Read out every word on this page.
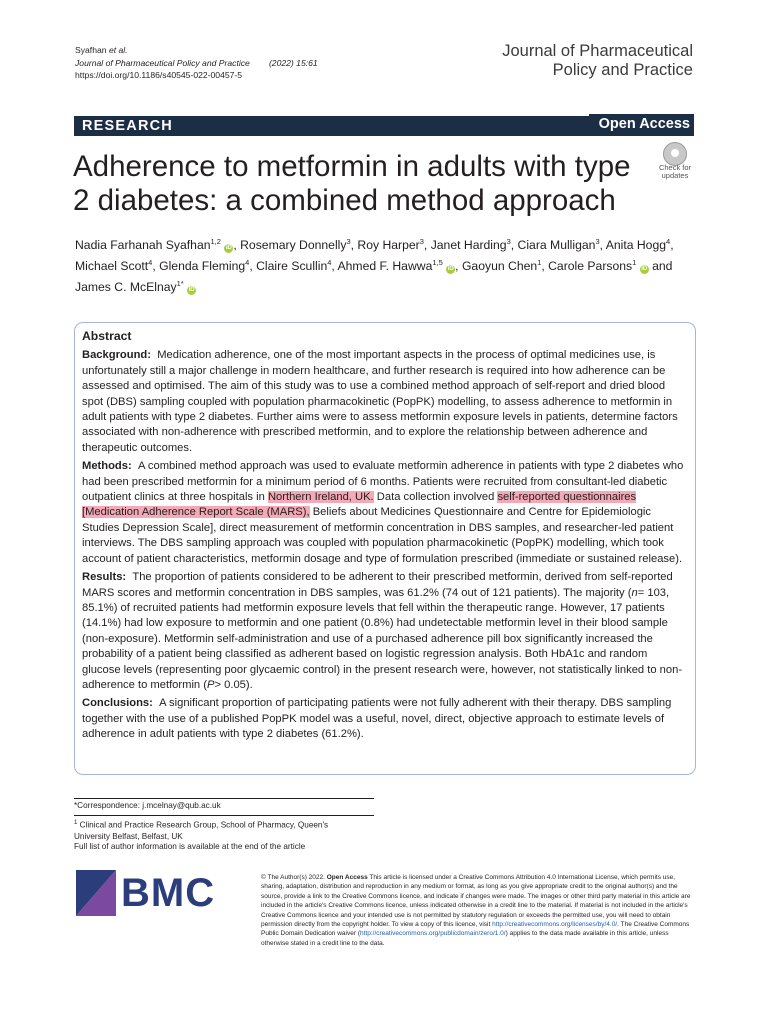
Syafhan et al.
Journal of Pharmaceutical Policy and Practice (2022) 15:61
https://doi.org/10.1186/s40545-022-00457-5
Journal of Pharmaceutical
Policy and Practice
RESEARCH	Open Access
Adherence to metformin in adults with type 2 diabetes: a combined method approach
Check for
updates
Nadia Farhanah Syafhan$^{1,2}$ iD , Rosemary Donnelly$^3$, Roy Harper$^3$, Janet Harding$^3$, Ciara Mulligan$^3$, Anita Hogg$^4$, Michael Scott$^4$, Glenda Fleming$^4$, Claire Scullin$^4$, Ahmed F. Hawwa$^{1,5}$ iD , Gaoyun Chen$^1$, Carole Parsons$^1$ iD and James C. McElnay$^{1*}$ iD
Abstract

Background: Medication adherence, one of the most important aspects in the process of optimal medicines use, is unfortunately still a major challenge in modern healthcare, and further research is required into how adherence can be assessed and optimised. The aim of this study was to use a combined method approach of self-report and dried blood spot (DBS) sampling coupled with population pharmacokinetic (PopPK) modelling, to assess adherence to metformin in adult patients with type 2 diabetes. Further aims were to assess metformin exposure levels in patients, determine factors associated with non-adherence with prescribed metformin, and to explore the relationship between adherence and therapeutic outcomes.

Methods: A combined method approach was used to evaluate metformin adherence in patients with type 2 diabetes who had been prescribed metformin for a minimum period of 6 months. Patients were recruited from consultant-led diabetic outpatient clinics at three hospitals in Northern Ireland, UK. Data collection involved self-reported questionnaires [Medication Adherence Report Scale (MARS), Beliefs about Medicines Questionnaire and Centre for Epidemiologic Studies Depression Scale], direct measurement of metformin concentration in DBS samples, and researcher-led patient interviews. The DBS sampling approach was coupled with population pharmacokinetic (PopPK) modelling, which took account of patient characteristics, metformin dosage and type of formulation prescribed (immediate or sustained release).

Results: The proportion of patients considered to be adherent to their prescribed metformin, derived from self-reported MARS scores and metformin concentration in DBS samples, was 61.2% (74 out of 121 patients). The majority (n= 103, 85.1%) of recruited patients had metformin exposure levels that fell within the therapeutic range. However, 17 patients (14.1%) had low exposure to metformin and one patient (0.8%) had undetectable metformin level in their blood sample (non-exposure). Metformin self-administration and use of a purchased adherence pill box significantly increased the probability of a patient being classified as adherent based on logistic regression analysis. Both HbA1c and random glucose levels (representing poor glycaemic control) in the present research were, however, not statistically linked to non-adherence to metformin (P> 0.05).

Conclusions: A significant proportion of participating patients were not fully adherent with their therapy. DBS sampling together with the use of a published PopPK model was a useful, novel, direct, objective approach to estimate levels of adherence in adult patients with type 2 diabetes (61.2%).

*Correspondence: j.mcelnay@qub.ac.uk
$^1$ Clinical and Practice Research Group, School of Pharmacy, Queen's University Belfast, Belfast, UK
Full list of author information is available at the end of the article
BMC	© The Author(s) 2022. Open Access This article is licensed under a Creative Commons Attribution 4.0 International License, which permits use, sharing, adaptation, distribution and reproduction in any medium or format, as long as you give appropriate credit to the original author(s) and the source, provide a link to the Creative Commons licence, and indicate if changes were made. The images or other third party material in this article are included in the article's Creative Commons licence, unless indicated otherwise in a credit line to the material. If material is not included in the article's Creative Commons licence and your intended use is not permitted by statutory regulation or exceeds the permitted use, you will need to obtain permission directly from the copyright holder. To view a copy of this licence, visit http://creativecommons.org/licenses/by/4.0/. The Creative Commons Public Domain Dedication waiver (http://creativecommons.org/publicdomain/zero/1.0/) applies to the data made available in this article, unless otherwise stated in a credit line to the data.
